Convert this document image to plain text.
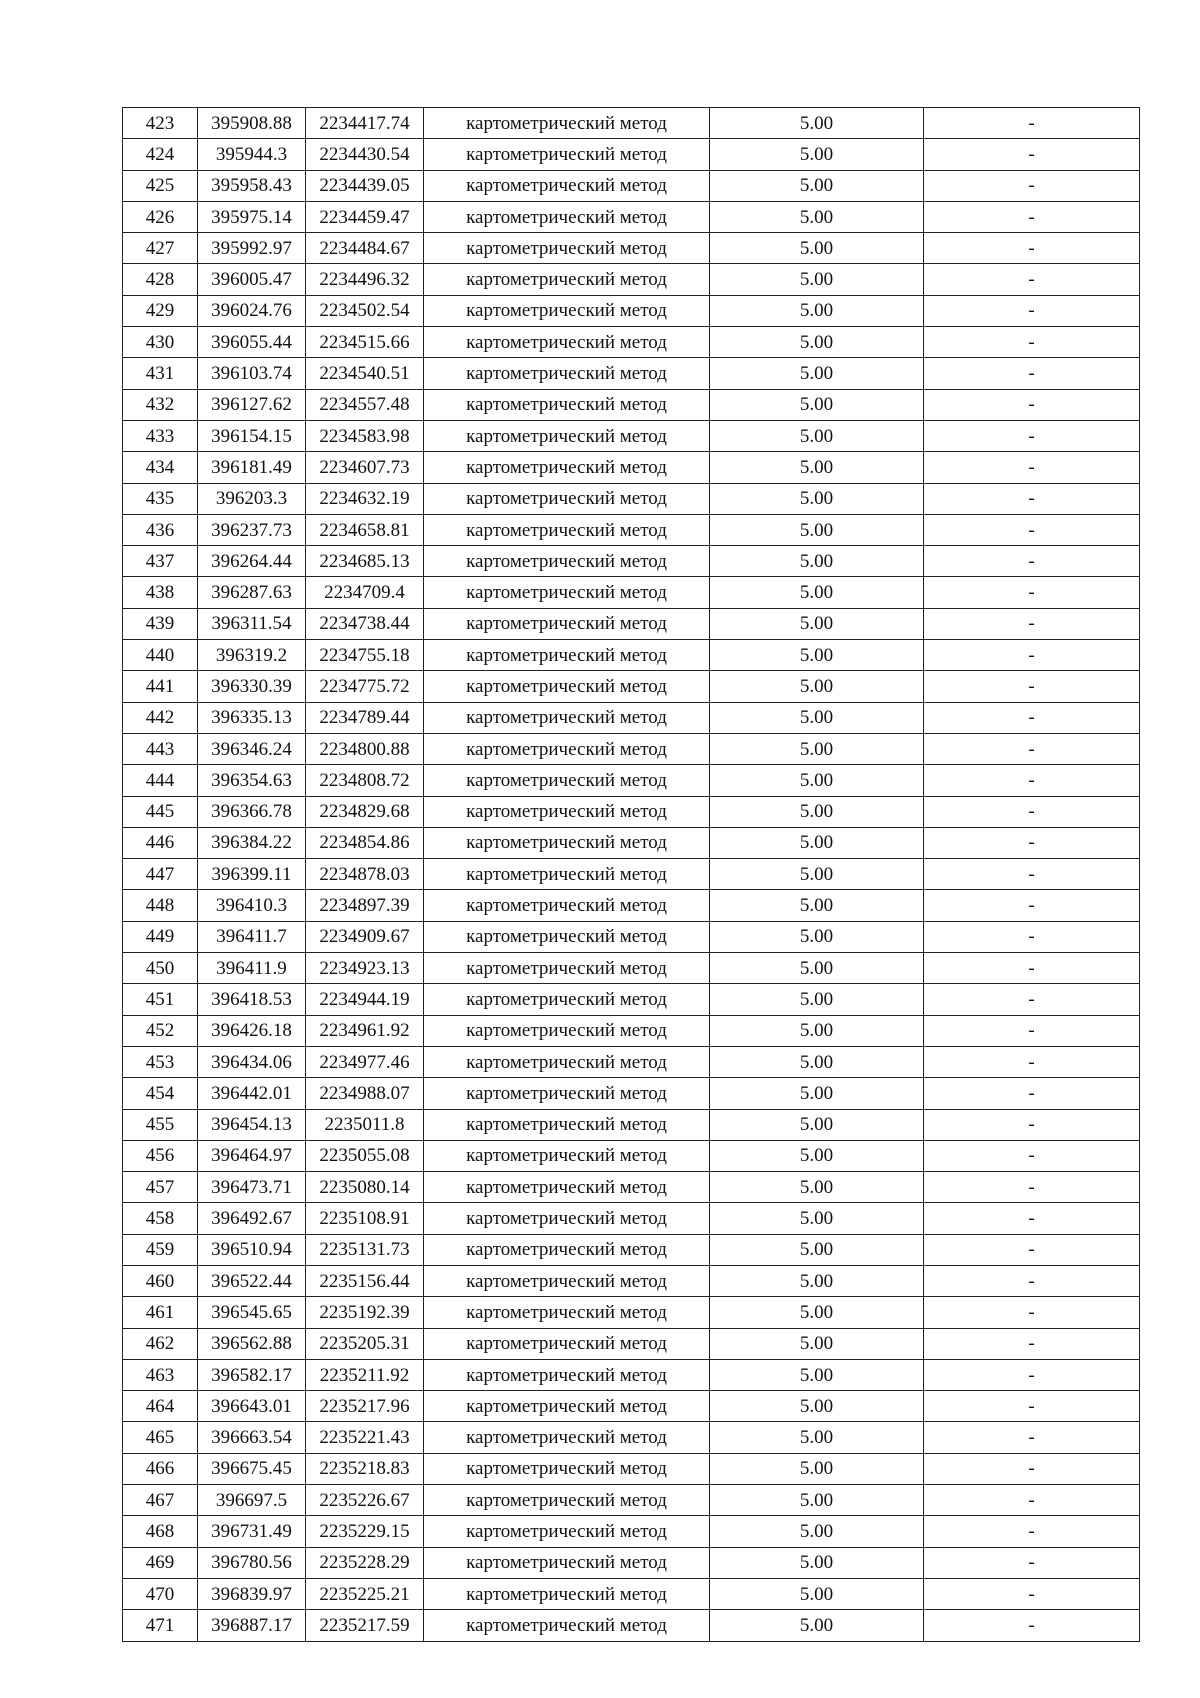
423	395908.88	2234417.74	картометрический метод	5.00	-
424	395944.3	2234430.54	картометрический метод	5.00	-
425	395958.43	2234439.05	картометрический метод	5.00	-
426	395975.14	2234459.47	картометрический метод	5.00	-
427	395992.97	2234484.67	картометрический метод	5.00	-
428	396005.47	2234496.32	картометрический метод	5.00	-
429	396024.76	2234502.54	картометрический метод	5.00	-
430	396055.44	2234515.66	картометрический метод	5.00	-
431	396103.74	2234540.51	картометрический метод	5.00	-
432	396127.62	2234557.48	картометрический метод	5.00	-
433	396154.15	2234583.98	картометрический метод	5.00	-
434	396181.49	2234607.73	картометрический метод	5.00	-
435	396203.3	2234632.19	картометрический метод	5.00	-
436	396237.73	2234658.81	картометрический метод	5.00	-
437	396264.44	2234685.13	картометрический метод	5.00	-
438	396287.63	2234709.4	картометрический метод	5.00	-
439	396311.54	2234738.44	картометрический метод	5.00	-
440	396319.2	2234755.18	картометрический метод	5.00	-
441	396330.39	2234775.72	картометрический метод	5.00	-
442	396335.13	2234789.44	картометрический метод	5.00	-
443	396346.24	2234800.88	картометрический метод	5.00	-
444	396354.63	2234808.72	картометрический метод	5.00	-
445	396366.78	2234829.68	картометрический метод	5.00	-
446	396384.22	2234854.86	картометрический метод	5.00	-
447	396399.11	2234878.03	картометрический метод	5.00	-
448	396410.3	2234897.39	картометрический метод	5.00	-
449	396411.7	2234909.67	картометрический метод	5.00	-
450	396411.9	2234923.13	картометрический метод	5.00	-
451	396418.53	2234944.19	картометрический метод	5.00	-
452	396426.18	2234961.92	картометрический метод	5.00	-
453	396434.06	2234977.46	картометрический метод	5.00	-
454	396442.01	2234988.07	картометрический метод	5.00	-
455	396454.13	2235011.8	картометрический метод	5.00	-
456	396464.97	2235055.08	картометрический метод	5.00	-
457	396473.71	2235080.14	картометрический метод	5.00	-
458	396492.67	2235108.91	картометрический метод	5.00	-
459	396510.94	2235131.73	картометрический метод	5.00	-
460	396522.44	2235156.44	картометрический метод	5.00	-
461	396545.65	2235192.39	картометрический метод	5.00	-
462	396562.88	2235205.31	картометрический метод	5.00	-
463	396582.17	2235211.92	картометрический метод	5.00	-
464	396643.01	2235217.96	картометрический метод	5.00	-
465	396663.54	2235221.43	картометрический метод	5.00	-
466	396675.45	2235218.83	картометрический метод	5.00	-
467	396697.5	2235226.67	картометрический метод	5.00	-
468	396731.49	2235229.15	картометрический метод	5.00	-
469	396780.56	2235228.29	картометрический метод	5.00	-
470	396839.97	2235225.21	картометрический метод	5.00	-
471	396887.17	2235217.59	картометрический метод	5.00	-
